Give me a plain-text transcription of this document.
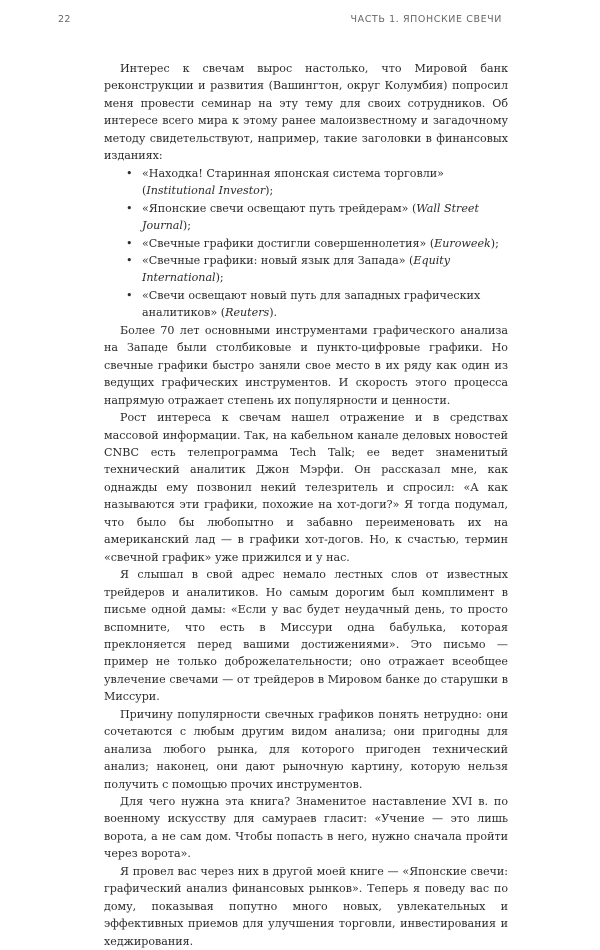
22	ЧАСТЬ 1. ЯПОНСКИЕ СВЕЧИ

Интерес к свечам вырос настолько, что Мировой банк реконструкции и развития (Вашингтон, округ Колумбия) попросил меня провести семинар на эту тему для своих сотрудников. Об интересе всего мира к этому ранее малоизвестному и загадочному методу свидетельствуют, например, такие заголовки в финансовых изданиях:

• «Находка! Старинная японская система торговли» (Institutional Investor);
• «Японские свечи освещают путь трейдерам» (Wall Street Journal);
• «Свечные графики достигли совершеннолетия» (Euroweek);
• «Свечные графики: новый язык для Запада» (Equity International);
• «Свечи освещают новый путь для западных графических аналитиков» (Reuters).

Более 70 лет основными инструментами графического анализа на Западе были столбиковые и пункто-цифровые графики. Но свечные графики быстро заняли свое место в их ряду как один из ведущих графических инструментов. И скорость этого процесса напрямую отражает степень их популярности и ценности.

Рост интереса к свечам нашел отражение и в средствах массовой информации. Так, на кабельном канале деловых новостей CNBC есть телепрограмма Tech Talk; ее ведет знаменитый технический аналитик Джон Мэрфи. Он рассказал мне, как однажды ему позвонил некий телезритель и спросил: «А как называются эти графики, похожие на хот-доги?» Я тогда подумал, что было бы любопытно и забавно переименовать их на американский лад — в графики хот-догов. Но, к счастью, термин «свечной график» уже прижился и у нас.

Я слышал в свой адрес немало лестных слов от известных трейдеров и аналитиков. Но самым дорогим был комплимент в письме одной дамы: «Если у вас будет неудачный день, то просто вспомните, что есть в Миссури одна бабулька, которая преклоняется перед вашими достижениями». Это письмо — пример не только доброжелательности; оно отражает всеобщее увлечение свечами — от трейдеров в Мировом банке до старушки в Миссури.

Причину популярности свечных графиков понять нетрудно: они сочетаются с любым другим видом анализа; они пригодны для анализа любого рынка, для которого пригоден технический анализ; наконец, они дают рыночную картину, которую нельзя получить с помощью прочих инструментов.

Для чего нужна эта книга? Знаменитое наставление XVI в. по военному искусству для самураев гласит: «Учение — это лишь ворота, а не сам дом. Чтобы попасть в него, нужно сначала пройти через ворота».

Я провел вас через них в другой моей книге — «Японские свечи: графический анализ финансовых рынков». Теперь я поведу вас по дому, показывая попутно много новых, увлекательных и эффективных приемов для улучшения торговли, инвестирования и хеджирования.
